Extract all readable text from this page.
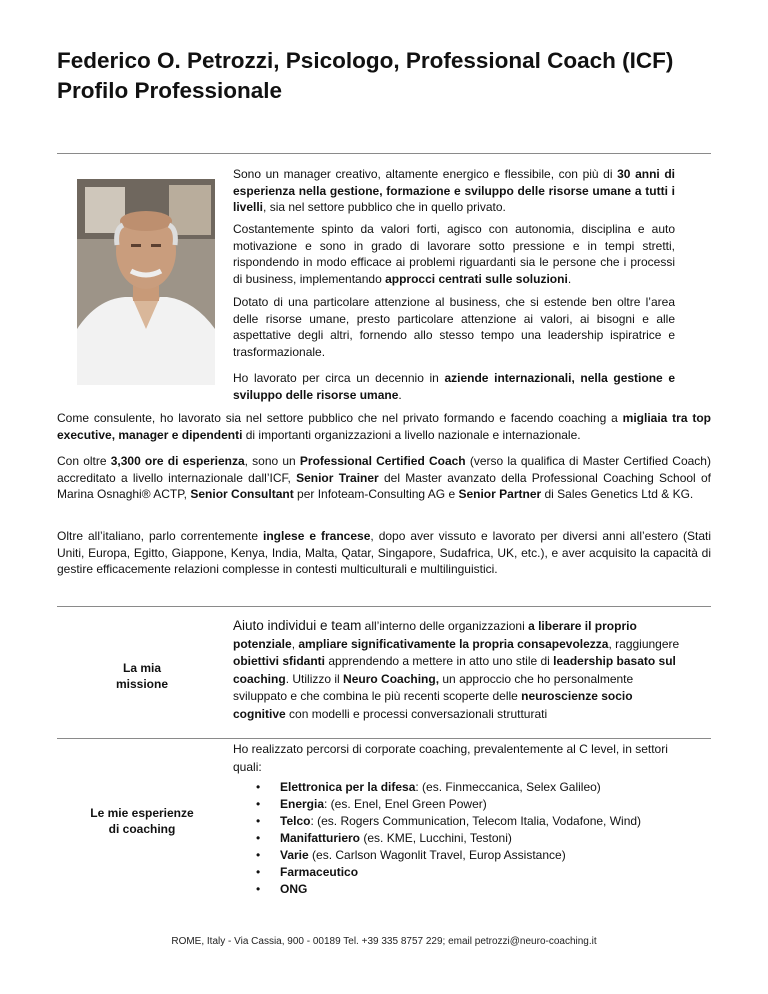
Federico O. Petrozzi, Psicologo, Professional Coach (ICF)
Profilo Professionale

Sono un manager creativo, altamente energico e flessibile, con più di 30 anni di esperienza nella gestione, formazione e sviluppo delle risorse umane a tutti i livelli, sia nel settore pubblico che in quello privato.

Costantemente spinto da valori forti, agisco con autonomia, disciplina e auto motivazione e sono in grado di lavorare sotto pressione e in tempi stretti, rispondendo in modo efficace ai problemi riguardanti sia le persone che i processi di business, implementando approcci centrati sulle soluzioni.

Dotato di una particolare attenzione al business, che si estende ben oltre l’area delle risorse umane, presto particolare attenzione ai valori, ai bisogni e alle aspettative degli altri, fornendo allo stesso tempo una leadership ispiratrice e trasformazionale.

Ho lavorato per circa un decennio in aziende internazionali, nella gestione e sviluppo delle risorse umane.

Come consulente, ho lavorato sia nel settore pubblico che nel privato formando e facendo coaching a migliaia tra top executive, manager e dipendenti di importanti organizzazioni a livello nazionale e internazionale.

Con oltre 3,300 ore di esperienza, sono un Professional Certified Coach (verso la qualifica di Master Certified Coach) accreditato a livello internazionale dall’ICF, Senior Trainer del Master avanzato della Professional Coaching School of Marina Osnaghi® ACTP, Senior Consultant per Infoteam-Consulting AG e Senior Partner di Sales Genetics Ltd & KG.

Oltre all’italiano, parlo correntemente inglese e francese, dopo aver vissuto e lavorato per diversi anni all’estero (Stati Uniti, Europa, Egitto, Giappone, Kenya, India, Malta, Qatar, Singapore, Sudafrica, UK, etc.), e aver acquisito la capacità di gestire efficacemente relazioni complesse in contesti multiculturali e multilinguistici.

La mia
missione

Aiuto individui e team all’interno delle organizzazioni a liberare il proprio potenziale, ampliare significativamente la propria consapevolezza, raggiungere obiettivi sfidanti apprendendo a mettere in atto uno stile di leadership basato sul coaching. Utilizzo il Neuro Coaching, un approccio che ho personalmente sviluppato e che combina le più recenti scoperte delle neuroscienze socio cognitive con modelli e processi conversazionali strutturati

Le mie esperienze
di coaching

Ho realizzato percorsi di corporate coaching, prevalentemente al C level, in settori quali:

• Elettronica per la difesa: (es. Finmeccanica, Selex Galileo)
• Energia: (es. Enel, Enel Green Power)
• Telco: (es. Rogers Communication, Telecom Italia, Vodafone, Wind)
• Manifatturiero (es. KME, Lucchini, Testoni)
• Varie (es. Carlson Wagonlit Travel, Europ Assistance)
• Farmaceutico
• ONG
ROME, Italy - Via Cassia, 900 - 00189 Tel. +39 335 8757 229; email petrozzi@neuro-coaching.it
